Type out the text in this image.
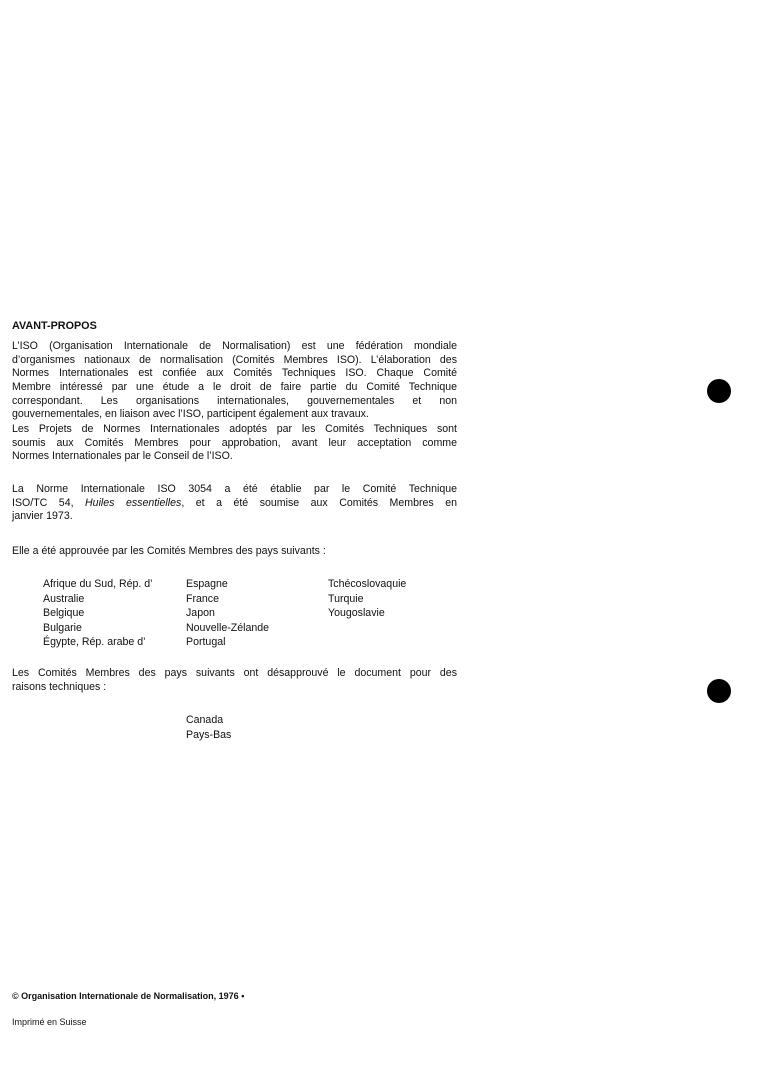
AVANT-PROPOS
L’ISO (Organisation Internationale de Normalisation) est une fédération mondiale
d’organismes nationaux de normalisation (Comités Membres ISO). L’élaboration des
Normes Internationales est confiée aux Comités Techniques ISO. Chaque Comité
Membre intéressé par une étude a le droit de faire partie du Comité Technique
correspondant. Les organisations internationales, gouvernementales et non
gouvernementales, en liaison avec l’ISO, participent également aux travaux.
Les Projets de Normes Internationales adoptés par les Comités Techniques sont
soumis aux Comités Membres pour approbation, avant leur acceptation comme
Normes Internationales par le Conseil de l’ISO.
La Norme Internationale ISO 3054 a été établie par le Comité Technique
ISO/TC 54, Huiles essentielles, et a été soumise aux Comités Membres en
janvier 1973.
Elle a été approuvée par les Comités Membres des pays suivants :
Afrique du Sud, Rép. d’
Australie
Belgique
Bulgarie
Égypte, Rép. arabe d’
Espagne
France
Japon
Nouvelle-Zélande
Portugal
Tchécoslovaquie
Turquie
Yougoslavie
Les Comités Membres des pays suivants ont désapprouvé le document pour des
raisons techniques :
Canada
Pays-Bas
© Organisation Internationale de Normalisation, 1976 •
Imprimé en Suisse
